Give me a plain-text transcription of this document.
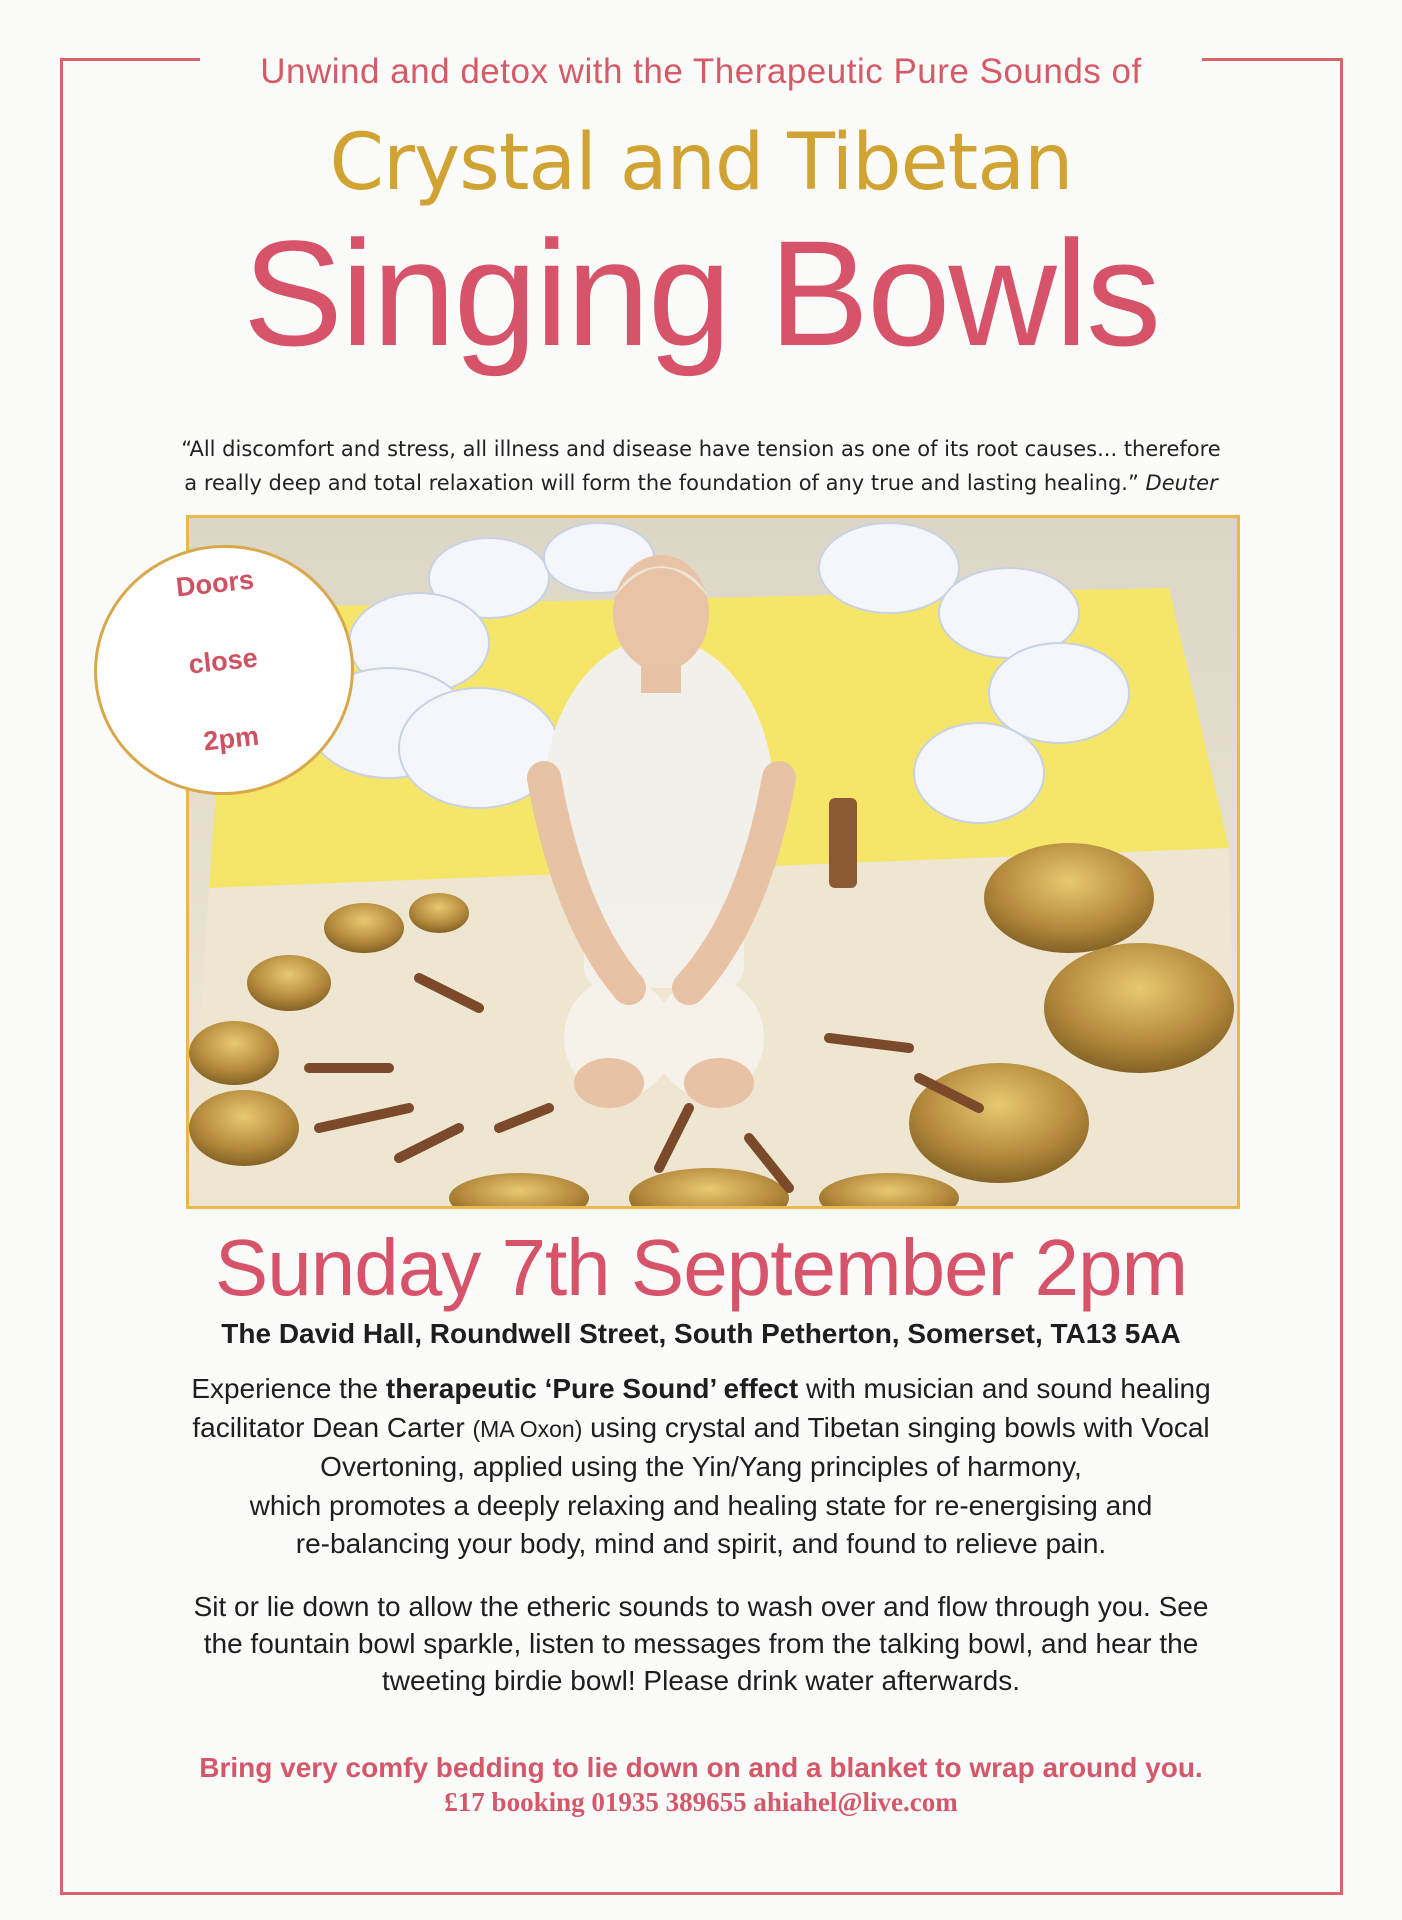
Unwind and detox with the Therapeutic Pure Sounds of
Crystal and Tibetan
Singing Bowls
“All discomfort and stress, all illness and disease have tension as one of its root causes... therefore
a really deep and total relaxation will form the foundation of any true and lasting healing.” Deuter
Doors
close
2pm
Sunday 7th September 2pm
The David Hall, Roundwell Street, South Petherton, Somerset, TA13 5AA
Experience the therapeutic ‘Pure Sound’ effect with musician and sound healing
facilitator Dean Carter (MA Oxon) using crystal and Tibetan singing bowls with Vocal
Overtoning, applied using the Yin/Yang principles of harmony,
which promotes a deeply relaxing and healing state for re-energising and
re-balancing your body, mind and spirit, and found to relieve pain.
Sit or lie down to allow the etheric sounds to wash over and flow through you. See
the fountain bowl sparkle, listen to messages from the talking bowl, and hear the
tweeting birdie bowl! Please drink water afterwards.
Bring very comfy bedding to lie down on and a blanket to wrap around you.
£17 booking 01935 389655 ahiahel@live.com
